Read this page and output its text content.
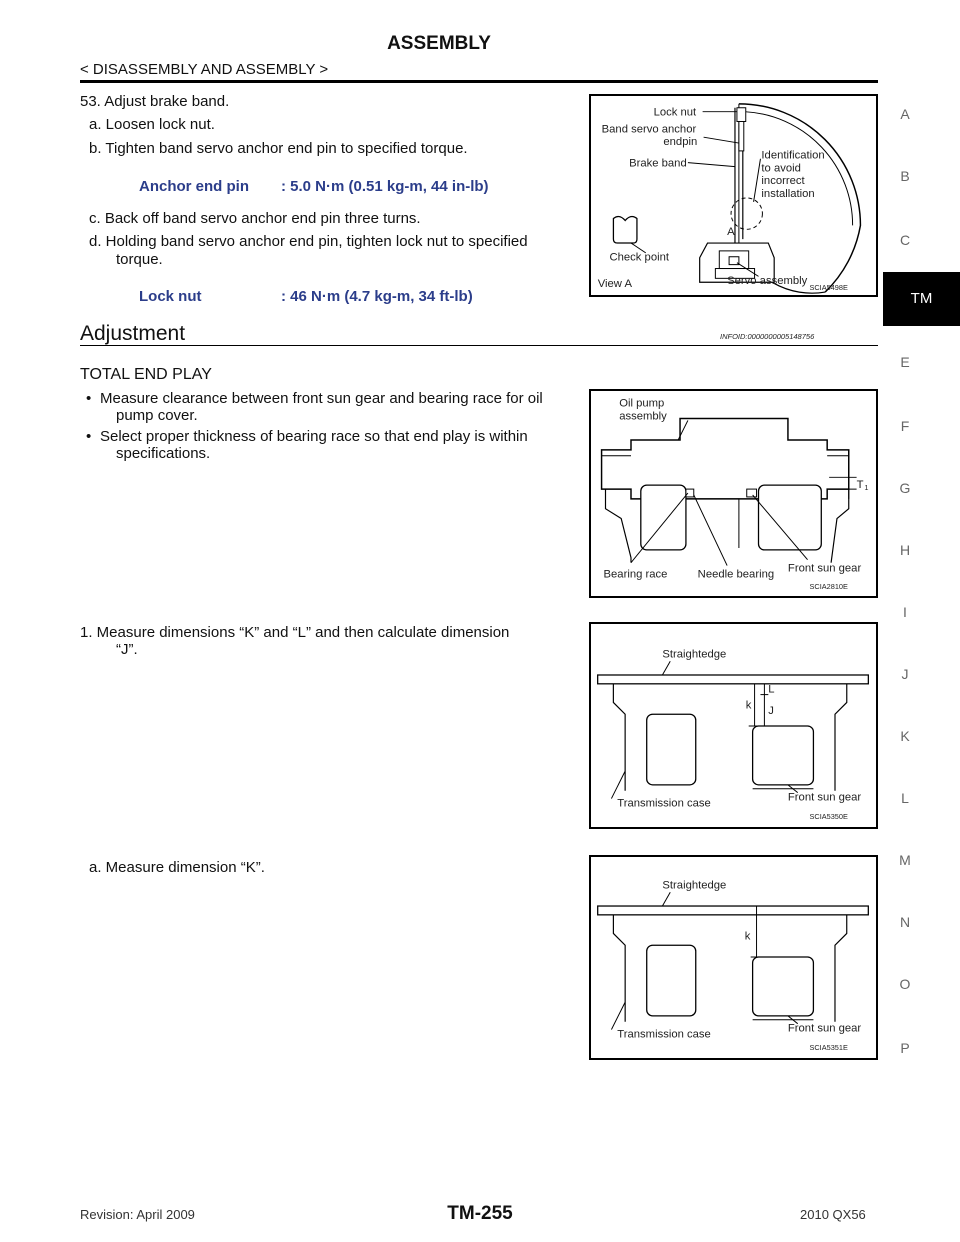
ASSEMBLY
< DISASSEMBLY AND ASSEMBLY >
A
B
C
TM
E
F
G
H
I
J
K
L
M
N
O
P
53. Adjust brake band.
a. Loosen lock nut.
b. Tighten band servo anchor end pin to specified torque.
Anchor end pin : 5.0 N·m (0.51 kg-m, 44 in-lb)
c. Back off band servo anchor end pin three turns.
d. Holding band servo anchor end pin, tighten lock nut to specified
torque.
Lock nut	: 46 N·m (4.7 kg-m, 34 ft-lb)
Lock nut
Band servo anchor
endpin
Brake band
Identification
to avoid
incorrect
installation
A
Check point
View A	Servo assembly
SCIA5498E
Adjustment	INFOID:0000000005148756
TOTAL END PLAY
• Measure clearance between front sun gear and bearing race for oil
pump cover.
• Select proper thickness of bearing race so that end play is within
specifications.
Oil pump
assembly
T 1
Bearing race	Needle bearing Front sun gear
SCIA2810E
1. Measure dimensions “K” and “L” and then calculate dimension
“J”.	Straightedge
L
k J
Transmission case	Front sun gear
SCIA5350E
a. Measure dimension “K”.
Straightedge
k
Transmission case	Front sun gear
SCIA5351E
Revision: April 2009	TM-255	2010 QX56
